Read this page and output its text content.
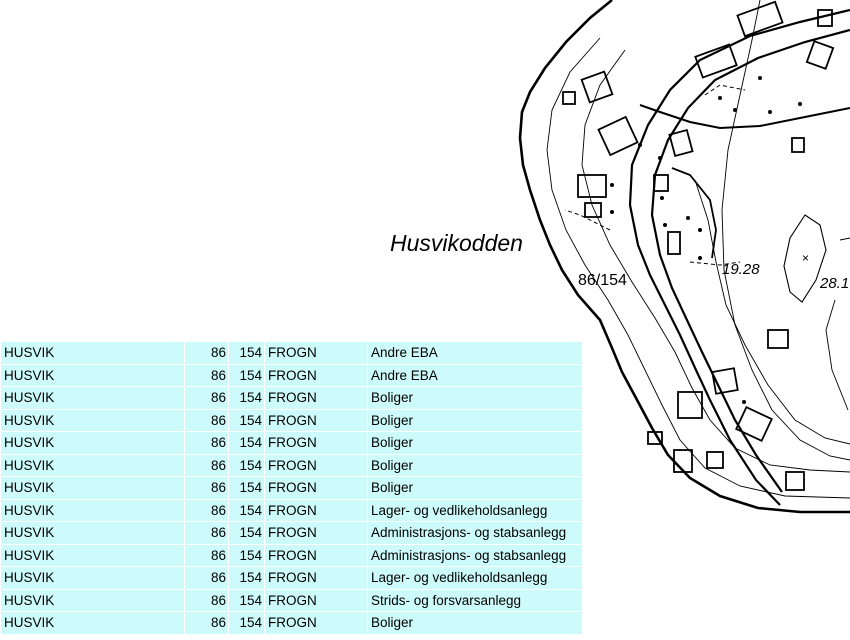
×
Husvikodden
86/154
19.28
28.1
HUSVIK	86	154	FROGN	Andre EBA
HUSVIK	86	154	FROGN	Andre EBA
HUSVIK	86	154	FROGN	Boliger
HUSVIK	86	154	FROGN	Boliger
HUSVIK	86	154	FROGN	Boliger
HUSVIK	86	154	FROGN	Boliger
HUSVIK	86	154	FROGN	Boliger
HUSVIK	86	154	FROGN	Lager- og vedlikeholdsanlegg
HUSVIK	86	154	FROGN	Administrasjons- og stabsanlegg
HUSVIK	86	154	FROGN	Administrasjons- og stabsanlegg
HUSVIK	86	154	FROGN	Lager- og vedlikeholdsanlegg
HUSVIK	86	154	FROGN	Strids- og forsvarsanlegg
HUSVIK	86	154	FROGN	Boliger
